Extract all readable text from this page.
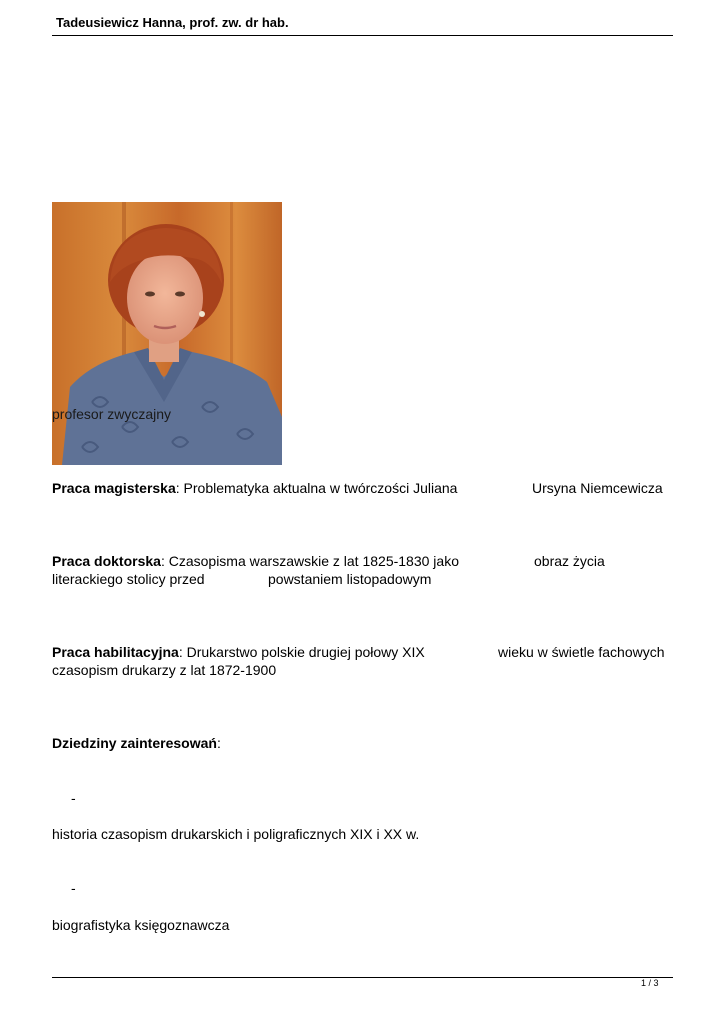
Tadeusiewicz Hanna, prof. zw. dr hab.
profesor zwyczajny
Praca magisterska: Problematyka aktualna w twórczości Juliana	Ursyna Niemcewicza
Praca doktorska: Czasopisma warszawskie z lat 1825-1830 jako	obraz życia
literackiego stolicy przed	powstaniem listopadowym
Praca habilitacyjna: Drukarstwo polskie drugiej połowy XIX	wieku w świetle fachowych
czasopism drukarzy z lat 1872-1900
Dziedziny zainteresowań:
-
historia czasopism drukarskich i poligraficznych XIX i XX w.
-
biografistyka księgoznawcza
1 / 3
